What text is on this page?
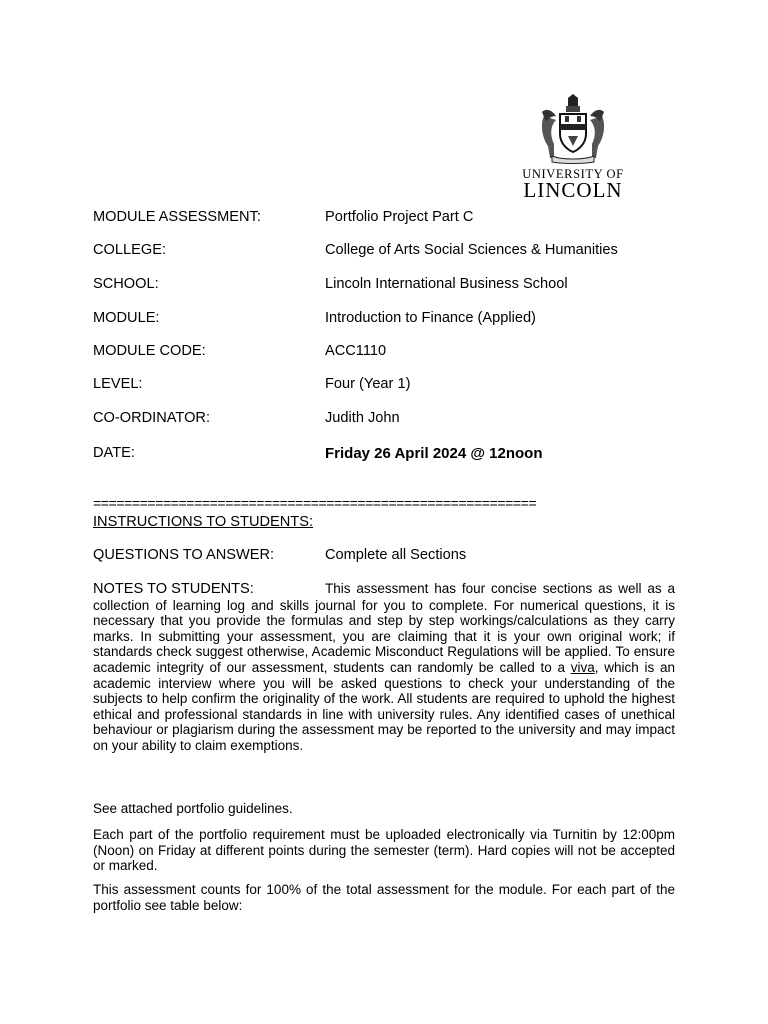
UNIVERSITY OF
LINCOLN
MODULE ASSESSMENT:	Portfolio Project Part C
COLLEGE:	College of Arts Social Sciences & Humanities
SCHOOL:	Lincoln International Business School
MODULE:	Introduction to Finance (Applied)
MODULE CODE:	ACC1110
LEVEL:	Four (Year 1)
CO-ORDINATOR:	Judith John
DATE:	Friday 26 April 2024 @ 12noon
=========================================================
INSTRUCTIONS TO STUDENTS:
QUESTIONS TO ANSWER:	Complete all Sections
NOTES TO STUDENTS:	This assessment has four concise sections as well as a collection of learning log and skills journal for you to complete. For numerical questions, it is necessary that you provide the formulas and step by step workings/calculations as they carry marks. In submitting your assessment, you are claiming that it is your own original work; if standards check suggest otherwise, Academic Misconduct Regulations will be applied. To ensure academic integrity of our assessment, students can randomly be called to a viva, which is an academic interview where you will be asked questions to check your understanding of the subjects to help confirm the originality of the work. All students are required to uphold the highest ethical and professional standards in line with university rules. Any identified cases of unethical behaviour or plagiarism during the assessment may be reported to the university and may impact on your ability to claim exemptions.
See attached portfolio guidelines.
Each part of the portfolio requirement must be uploaded electronically via Turnitin by 12:00pm (Noon) on Friday at different points during the semester (term). Hard copies will not be accepted or marked.
This assessment counts for 100% of the total assessment for the module. For each part of the portfolio see table below:
